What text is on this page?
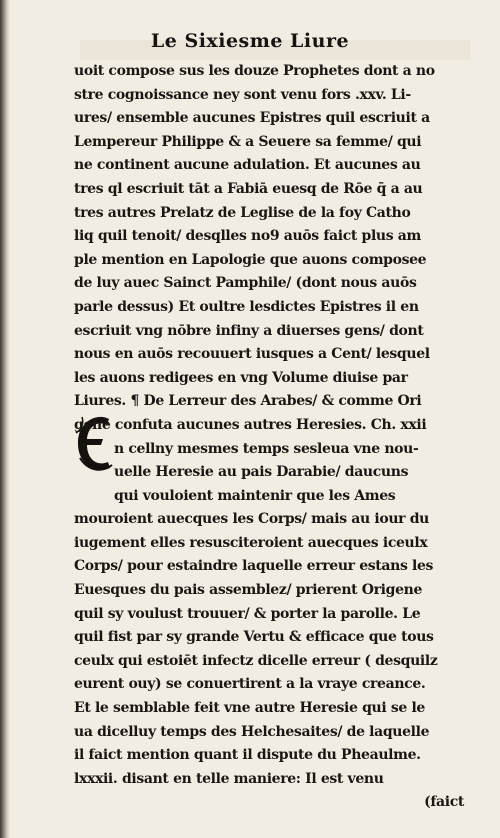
Le Sixiesme Liure
uoit compose sus les douze Prophetes dont a no
stre cognoissance ney sont venu fors .xxv. Li-
ures/ ensemble aucunes Epistres quil escriuit a
Lempereur Philippe & a Seuere sa femme/ qui
ne continent aucune adulation. Et aucunes au
tres ql escriuit tāt a Fabiā euesq de Rōe q̄ a au
tres autres Prelatz de Leglise de la foy Catho
liq quil tenoit/ desqlles no9 auōs faict plus am
ple mention en Lapologie que auons composee
de luy auec Sainct Pamphile/ (dont nous auōs
parle dessus) Et oultre lesdictes Epistres il en
escriuit vng nōbre infiny a diuerses gens/ dont
nous en auōs recouuert iusques a Cent/ lesquel
les auons redigees en vng Volume diuise par
Liures. ¶ De Lerreur des Arabes/ & comme Ori
gene confuta aucunes autres Heresies. Ch. xxii
n cellny mesmes temps sesleua vne nou-
uelle Heresie au pais Darabie/ daucuns
qui vouloient maintenir que les Ames
mouroient auecques les Corps/ mais au iour du
iugement elles resusciteroient auecques iceulx
Corps/ pour estaindre laquelle erreur estans les
Euesques du pais assemblez/ prierent Origene
quil sy voulust trouuer/ & porter la parolle. Le
quil fist par sy grande Vertu & efficace que tous
ceulx qui estoiēt infectz dicelle erreur ( desquilz
eurent ouy) se conuertirent a la vraye creance.
Et le semblable feit vne autre Heresie qui se le
ua dicelluy temps des Helchesaites/ de laquelle
il faict mention quant il dispute du Pheaulme.
lxxxii. disant en telle maniere: Il est venu
(faict
